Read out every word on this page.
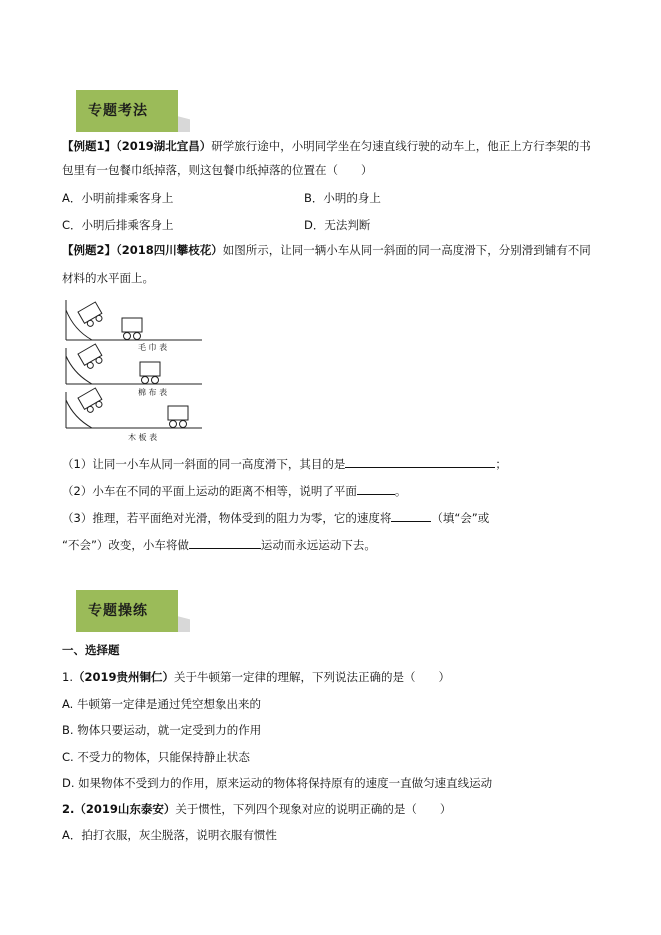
专题考法
【例题1】（2019湖北宜昌）研学旅行途中，小明同学坐在匀速直线行驶的动车上，他正上方行李架的书
包里有一包餐巾纸掉落，则这包餐巾纸掉落的位置在（　　）
A．小明前排乘客身上	B．小明的身上
C．小明后排乘客身上	D．无法判断
【例题2】（2018四川攀枝花）如图所示，让同一辆小车从同一斜面的同一高度滑下，分别滑到铺有不同
材料的水平面上。
毛 巾 表
棉 布 表
木 板 表
（1）让同一小车从同一斜面的同一高度滑下，其目的是	；
（2）小车在不同的平面上运动的距离不相等，说明了平面	。
（3）推理，若平面绝对光滑，物体受到的阻力为零，它的速度将	（填“会”或
“不会”）改变，小车将做	运动而永远运动下去。
专题操练
一、选择题
1.（2019贵州铜仁）关于牛顿第一定律的理解，下列说法正确的是（　　）
A. 牛顿第一定律是通过凭空想象出来的
B. 物体只要运动，就一定受到力的作用
C. 不受力的物体，只能保持静止状态
D. 如果物体不受到力的作用，原来运动的物体将保持原有的速度一直做匀速直线运动
2.（2019山东泰安）关于惯性，下列四个现象对应的说明正确的是（　　）
A．拍打衣服，灰尘脱落，说明衣服有惯性
